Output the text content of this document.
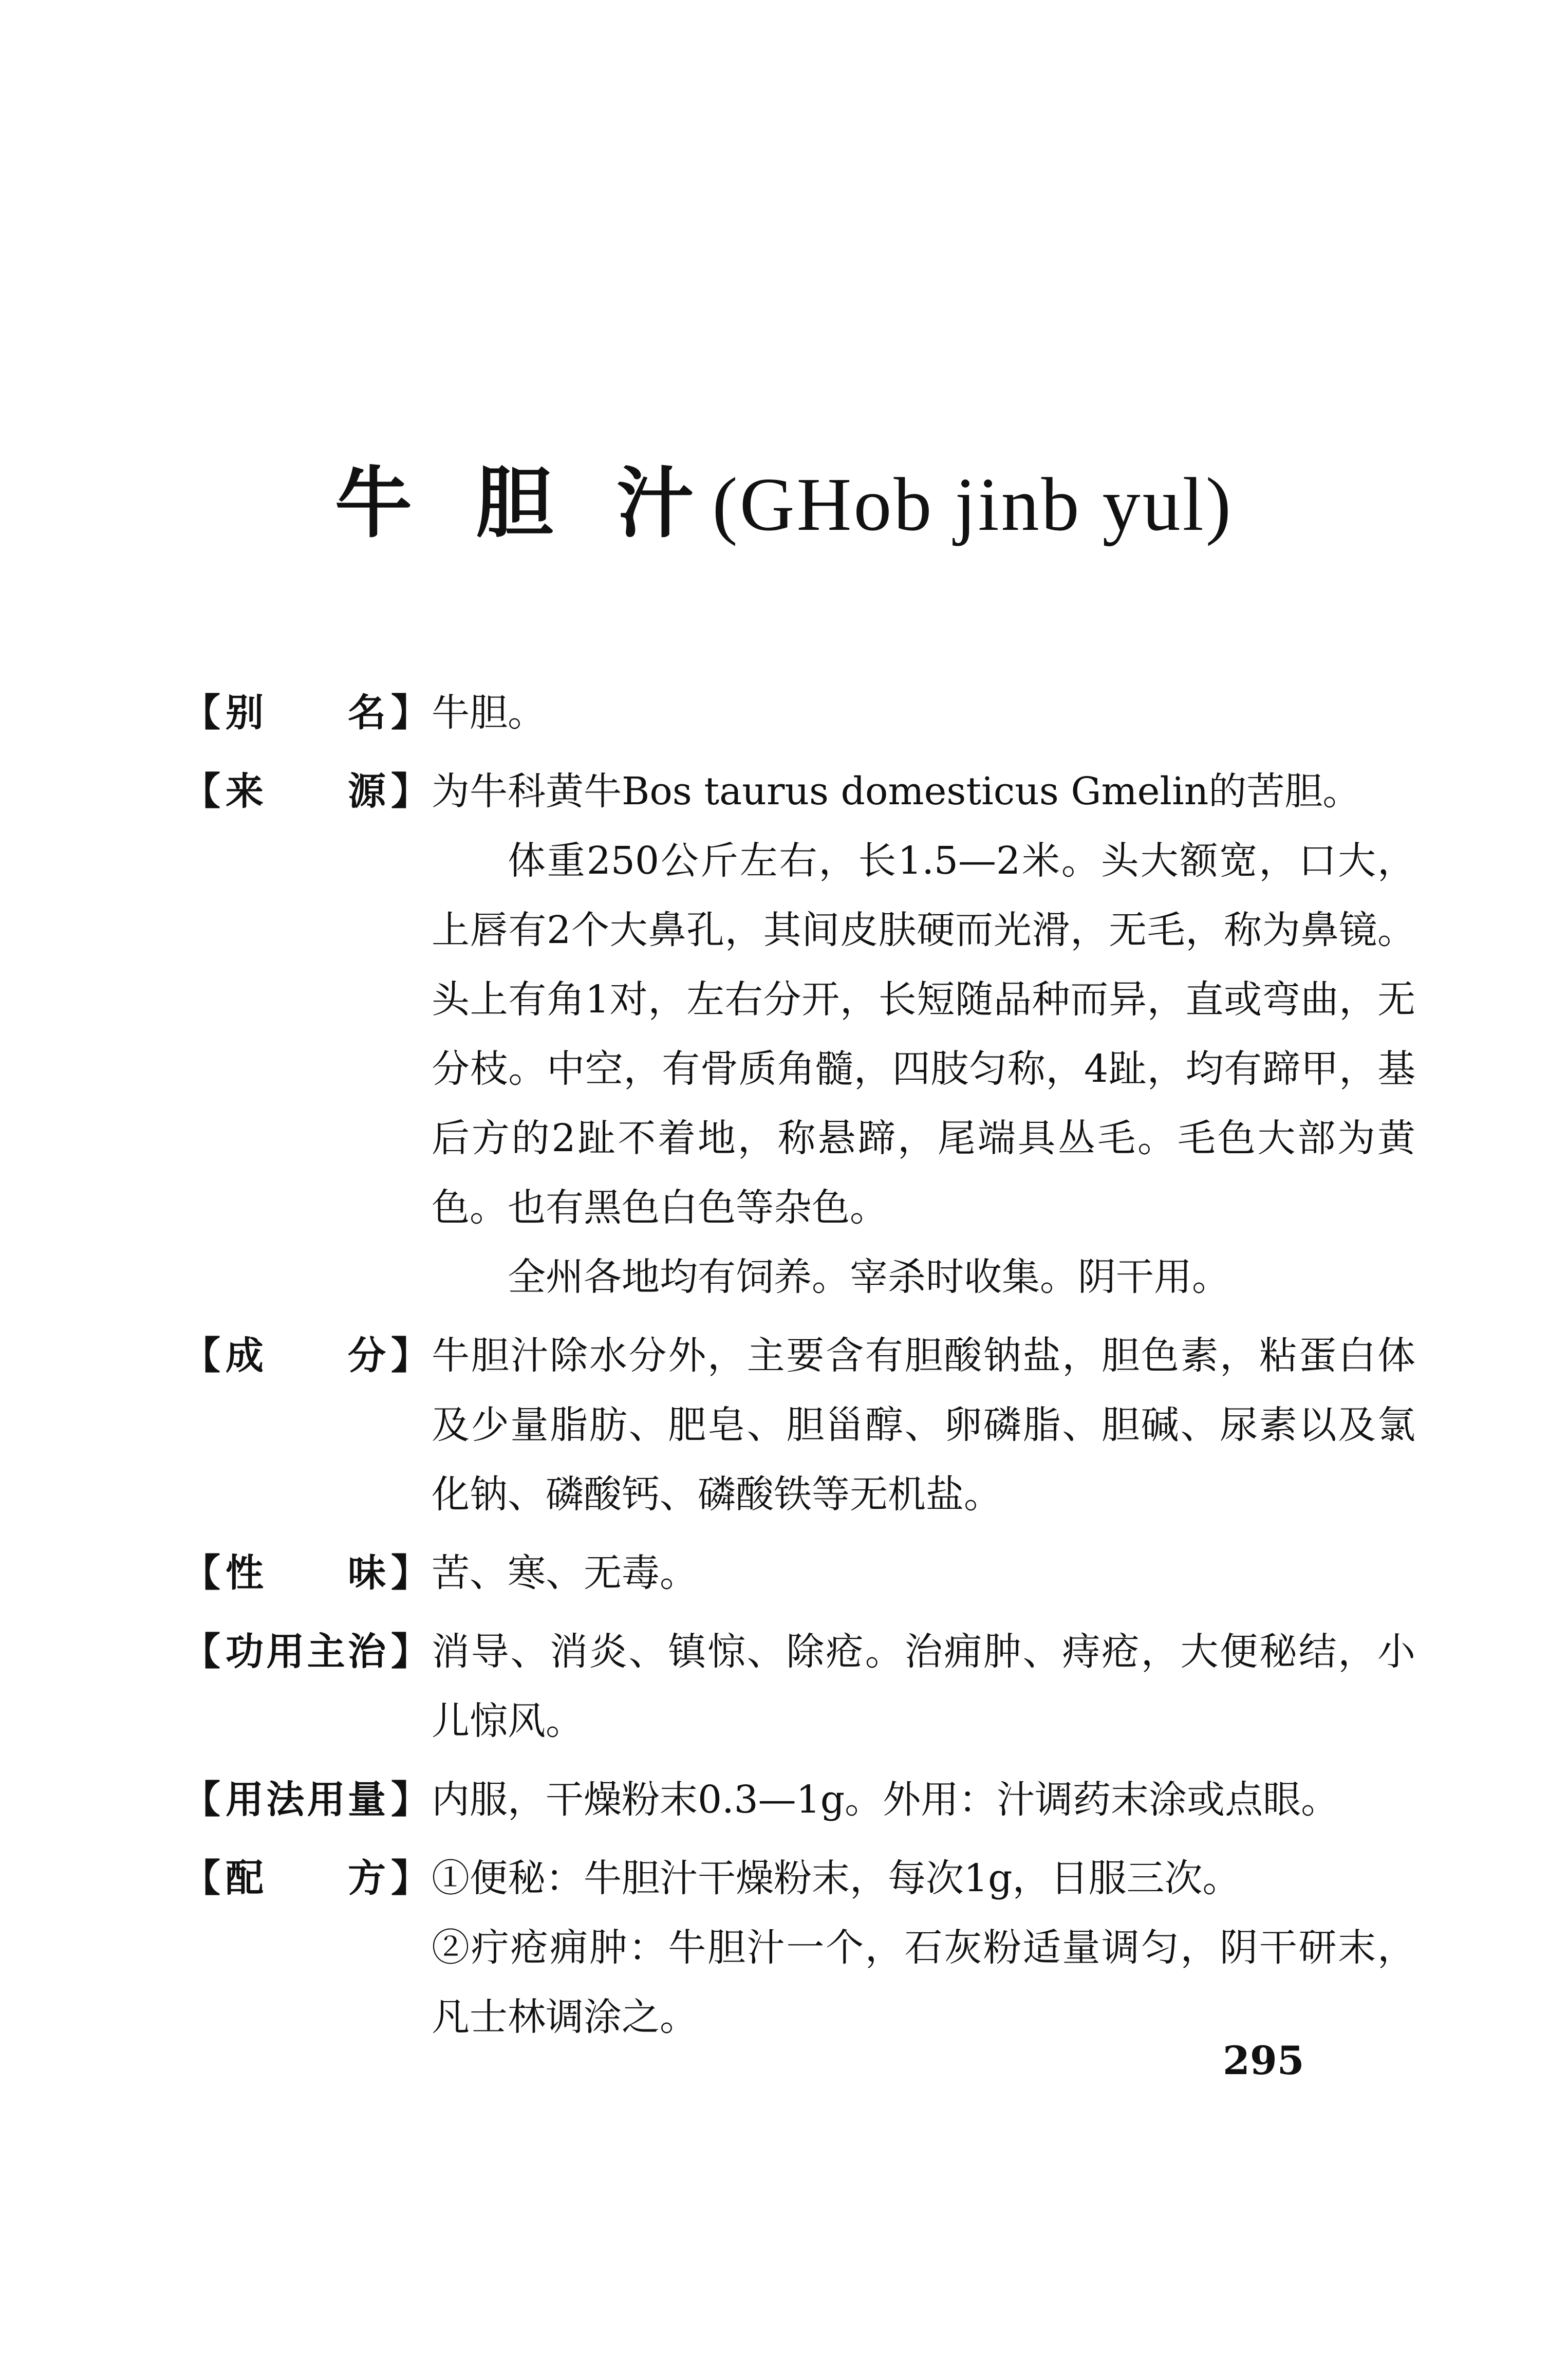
牛 胆 汁(GHob jinb yul)
【 别 名 】 牛胆。

【 来 源 】 为牛科黄牛Bos taurus domesticus Gmelin的苦胆。

体重250公斤左右，长1.5—2米。头大额宽，口大，上唇有2个大鼻孔，其间皮肤硬而光滑，无毛，称为鼻镜。头上有角1对，左右分开，长短随品种而异，直或弯曲，无分枝。中空，有骨质角髓，四肢匀称，4趾，均有蹄甲，基后方的2趾不着地，称悬蹄，尾端具丛毛。毛色大部为黄色。也有黑色白色等杂色。

全州各地均有饲养。宰杀时收集。阴干用。

【 成 分 】 牛胆汁除水分外，主要含有胆酸钠盐，胆色素，粘蛋白体及少量脂肪、肥皂、胆甾醇、卵磷脂、胆碱、尿素以及氯化钠、磷酸钙、磷酸铁等无机盐。

【 性 味 】 苦、寒、无毒。

【 功 用 主 治 】 消导、消炎、镇惊、除疮。治痈肿、痔疮，大便秘结，小儿惊风。

【 用 法 用 量 】 内服，干燥粉末0.3—1g。外用：汁调药末涂或点眼。

【 配 方 】 ①便秘：牛胆汁干燥粉末，每次1g，日服三次。

②疔疮痈肿：牛胆汁一个，石灰粉适量调匀，阴干研末，凡士林调涂之。

295
